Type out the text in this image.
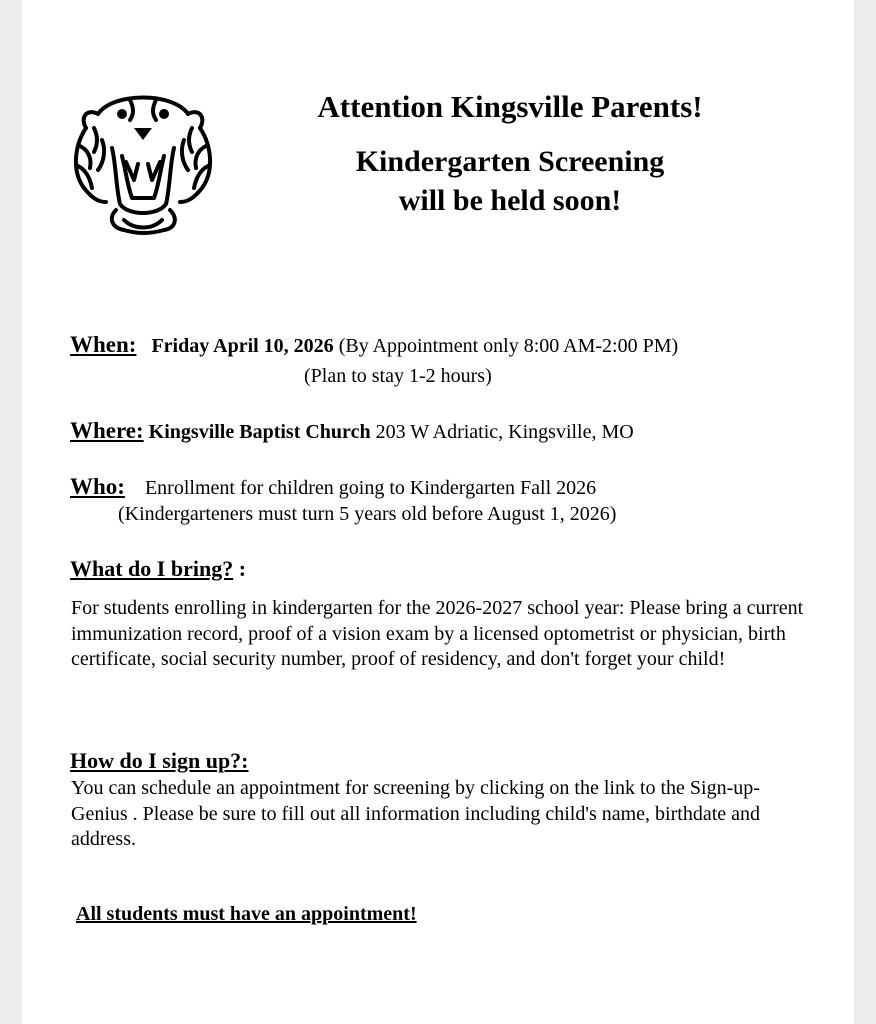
Attention Kingsville Parents!

Kindergarten Screening
will be held soon!

When: Friday April 10, 2026 (By Appointment only 8:00 AM-2:00 PM)
(Plan to stay 1-2 hours)
Where: Kingsville Baptist Church 203 W Adriatic, Kingsville, MO
Who: Enrollment for children going to Kindergarten Fall 2026
(Kindergarteners must turn 5 years old before August 1, 2026)
What do I bring? :
For students enrolling in kindergarten for the 2026-2027 school year: Please bring a current immunization record, proof of a vision exam by a licensed optometrist or physician, birth certificate, social security number, proof of residency, and don't forget your child!
How do I sign up?:
You can schedule an appointment for screening by clicking on the link to the Sign-up-Genius . Please be sure to fill out all information including child's name, birthdate and address.
All students must have an appointment!
